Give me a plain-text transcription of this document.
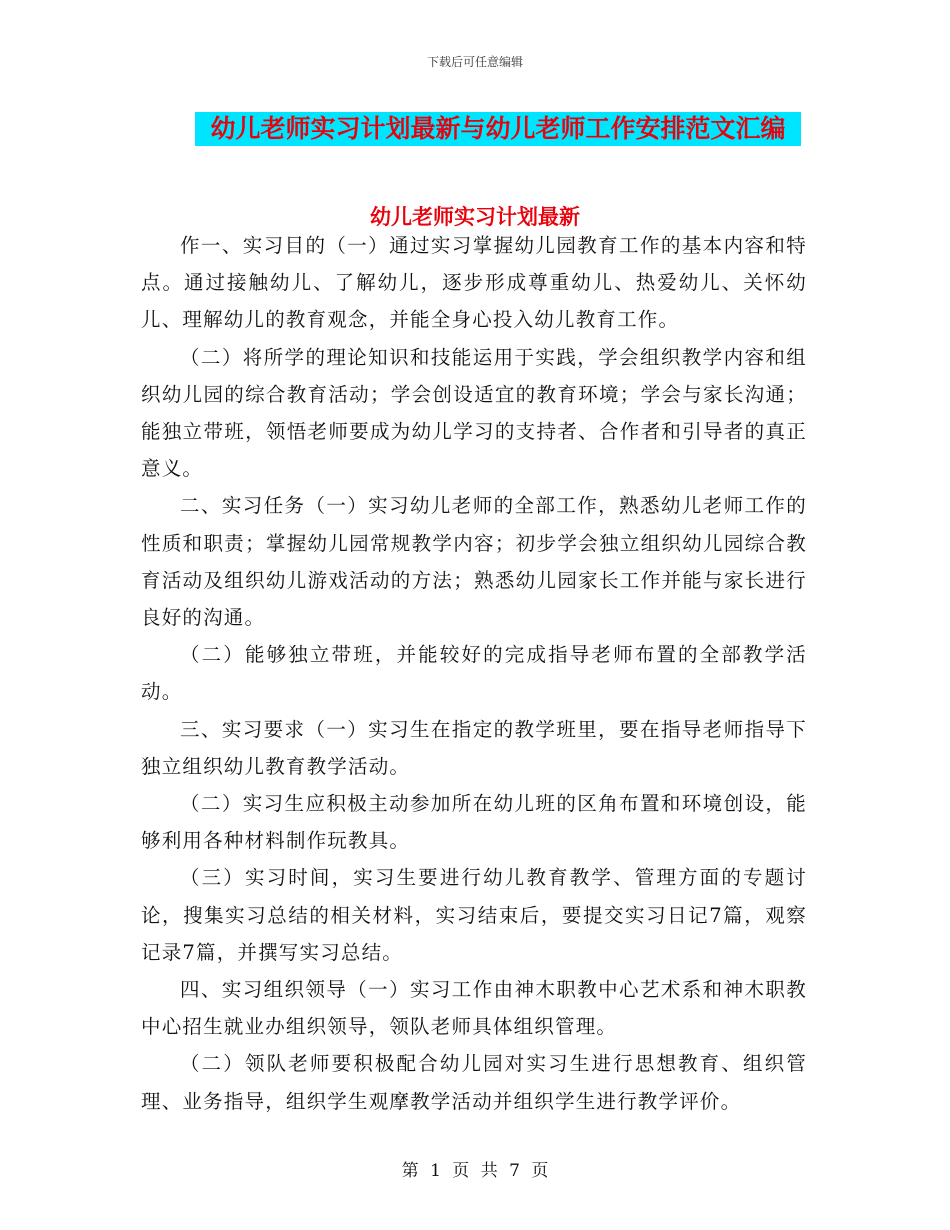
下载后可任意编辑
幼儿老师实习计划最新与幼儿老师工作安排范文汇编
幼儿老师实习计划最新

作一、实习目的（一）通过实习掌握幼儿园教育工作的基本内容和特点。通过接触幼儿、了解幼儿，逐步形成尊重幼儿、热爱幼儿、关怀幼儿、理解幼儿的教育观念，并能全身心投入幼儿教育工作。

（二）将所学的理论知识和技能运用于实践，学会组织教学内容和组织幼儿园的综合教育活动；学会创设适宜的教育环境；学会与家长沟通；能独立带班，领悟老师要成为幼儿学习的支持者、合作者和引导者的真正意义。

二、实习任务（一）实习幼儿老师的全部工作，熟悉幼儿老师工作的性质和职责；掌握幼儿园常规教学内容；初步学会独立组织幼儿园综合教育活动及组织幼儿游戏活动的方法；熟悉幼儿园家长工作并能与家长进行良好的沟通。

（二）能够独立带班，并能较好的完成指导老师布置的全部教学活动。

三、实习要求（一）实习生在指定的教学班里，要在指导老师指导下独立组织幼儿教育教学活动。

（二）实习生应积极主动参加所在幼儿班的区角布置和环境创设，能够利用各种材料制作玩教具。

（三）实习时间，实习生要进行幼儿教育教学、管理方面的专题讨论，搜集实习总结的相关材料，实习结束后，要提交实习日记7篇，观察记录7篇，并撰写实习总结。

四、实习组织领导（一）实习工作由神木职教中心艺术系和神木职教中心招生就业办组织领导，领队老师具体组织管理。

（二）领队老师要积极配合幼儿园对实习生进行思想教育、组织管理、业务指导，组织学生观摩教学活动并组织学生进行教学评价。

第 1 页 共 7 页
